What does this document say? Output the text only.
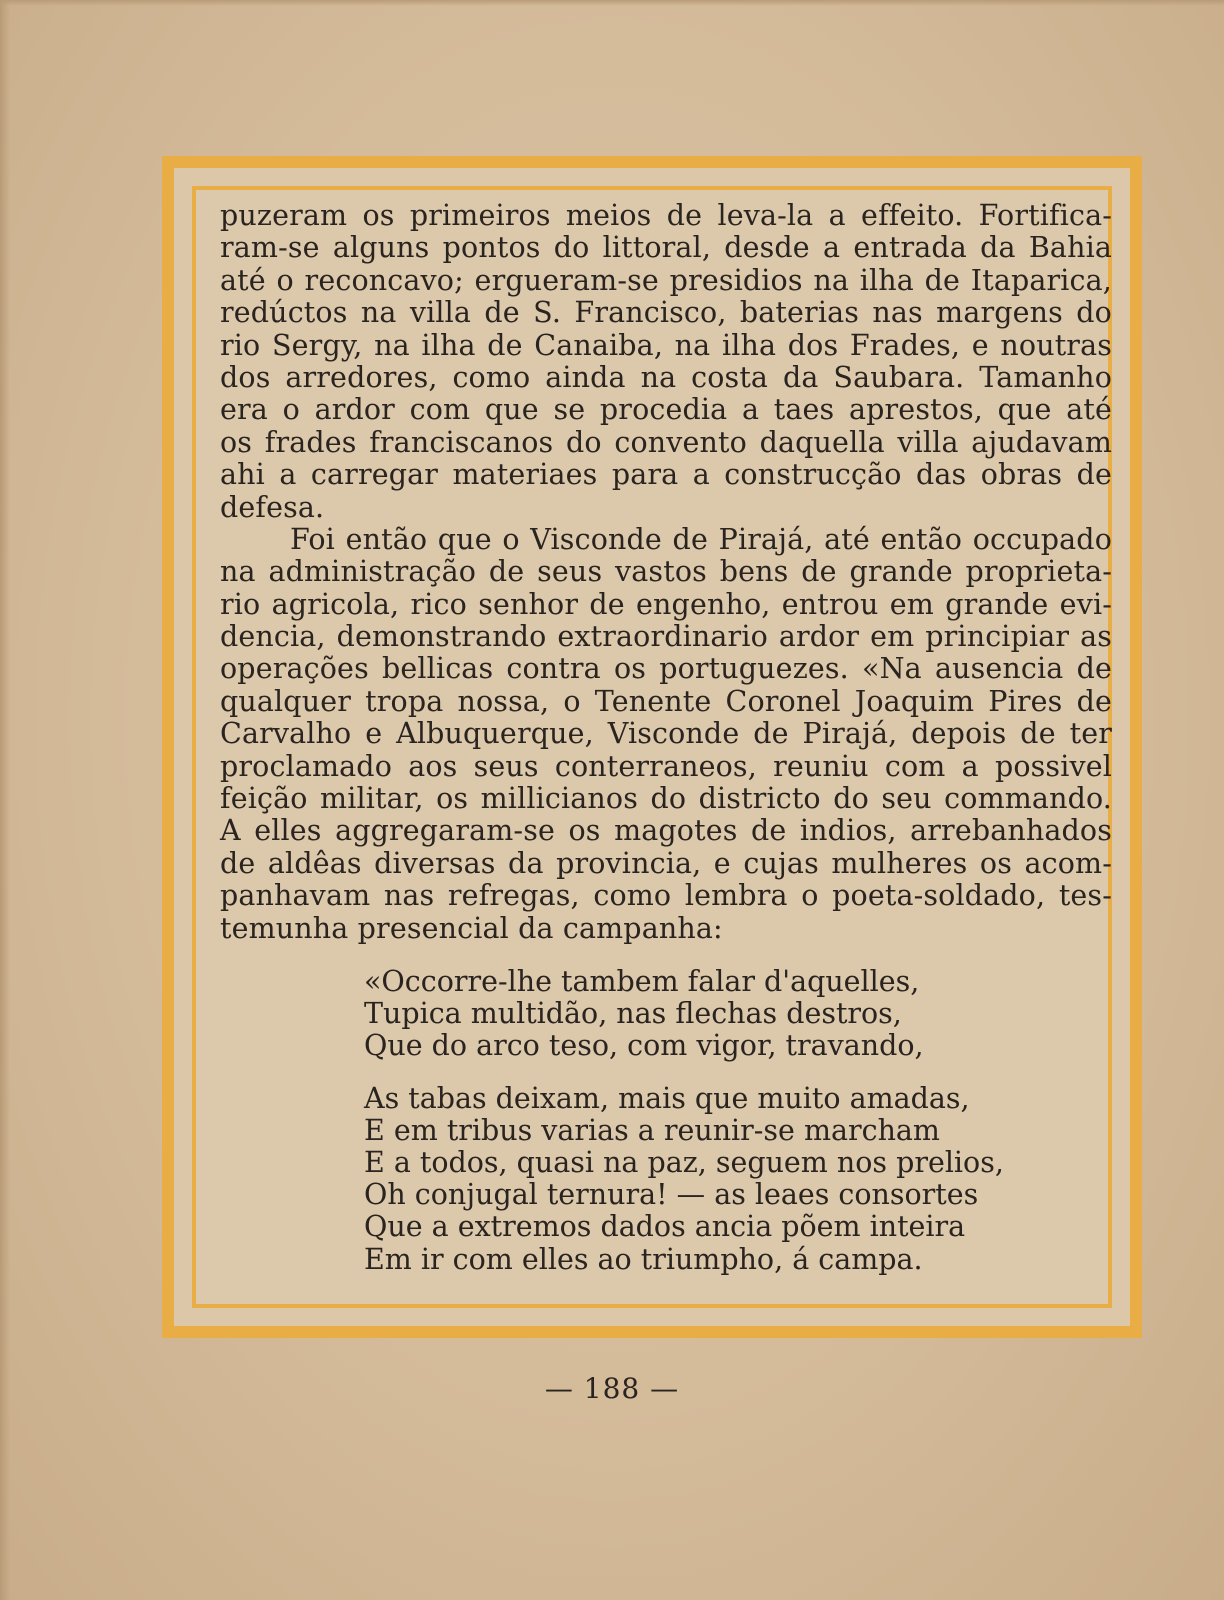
puzeram os primeiros meios de leva-la a effeito. Fortifica-
ram-se alguns pontos do littoral, desde a entrada da Bahia
até o reconcavo; ergueram-se presidios na ilha de Itaparica,
redúctos na villa de S. Francisco, baterias nas margens do
rio Sergy, na ilha de Canaiba, na ilha dos Frades, e noutras
dos arredores, como ainda na costa da Saubara. Tamanho
era o ardor com que se procedia a taes aprestos, que até
os frades franciscanos do convento daquella villa ajudavam
ahi a carregar materiaes para a construcção das obras de
defesa.
Foi então que o Visconde de Pirajá, até então occupado
na administração de seus vastos bens de grande proprieta-
rio agricola, rico senhor de engenho, entrou em grande evi-
dencia, demonstrando extraordinario ardor em principiar as
operações bellicas contra os portuguezes. «Na ausencia de
qualquer tropa nossa, o Tenente Coronel Joaquim Pires de
Carvalho e Albuquerque, Visconde de Pirajá, depois de ter
proclamado aos seus conterraneos, reuniu com a possivel
feição militar, os millicianos do districto do seu commando.
A elles aggregaram-se os magotes de indios, arrebanhados
de aldêas diversas da provincia, e cujas mulheres os acom-
panhavam nas refregas, como lembra o poeta-soldado, tes-
temunha presencial da campanha:
«Occorre-lhe tambem falar d'aquelles,
Tupica multidão, nas flechas destros,
Que do arco teso, com vigor, travando,
As tabas deixam, mais que muito amadas,
E em tribus varias a reunir-se marcham
E a todos, quasi na paz, seguem nos prelios,
Oh conjugal ternura! — as leaes consortes
Que a extremos dados ancia põem inteira
Em ir com elles ao triumpho, á campa.
— 188 —
